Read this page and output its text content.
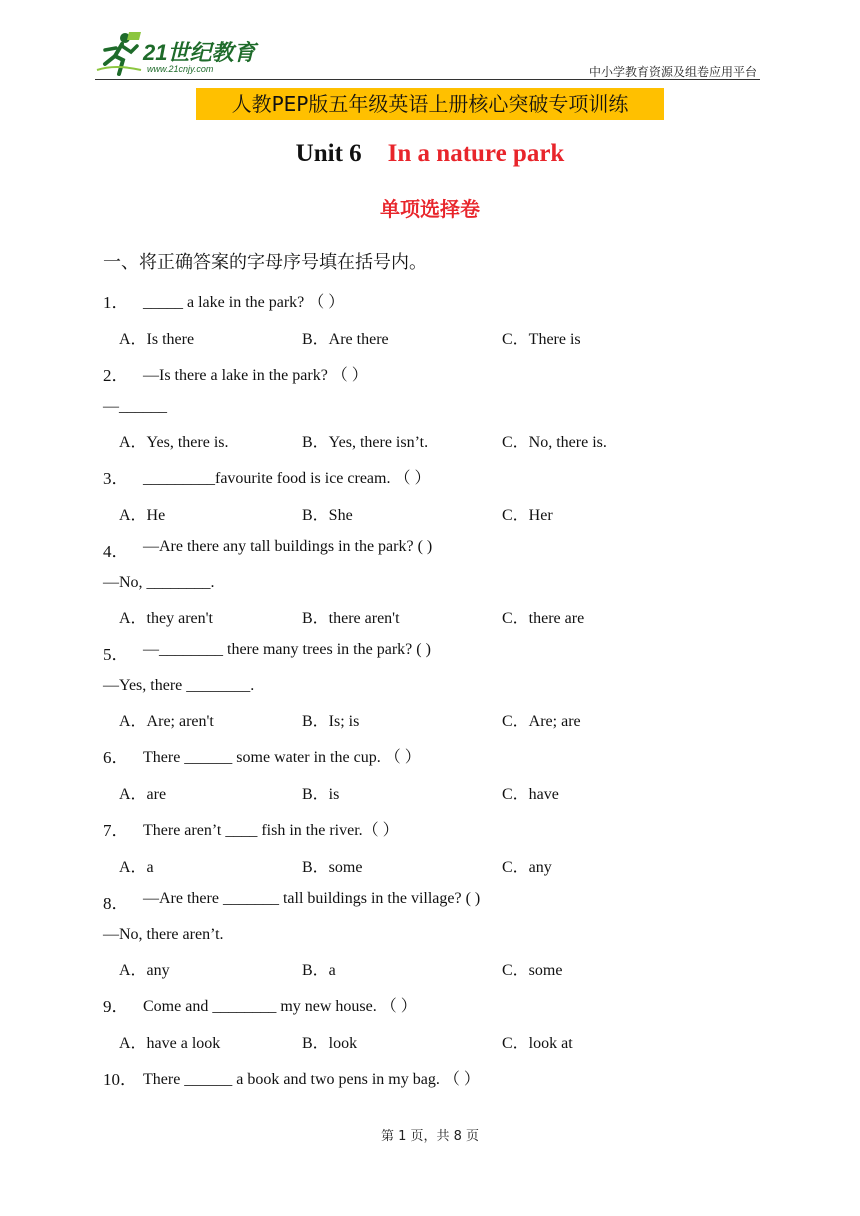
21世纪教育
www.21cnjy.com	中小学教育资源及组卷应用平台
人教PEP版五年级英语上册核心突破专项训练
Unit 6 In a nature park
单项选择卷
一、将正确答案的字母序号填在括号内。
1． _____ a lake in the park? （ ）
A．Is there	B．Are there	C．There is
2． —Is there a lake in the park? （ ）
—______
A．Yes, there is.	B．Yes, there isn’t.	C．No, there is.
3． _________favourite food is ice cream. （ ）
A．He	B．She	C．Her
4． —Are there any tall buildings in the park? ( )
—No, ________.
A．they aren't	B．there aren't	C．there are
5． —________ there many trees in the park? ( )
—Yes, there ________.
A．Are; aren't	B．Is; is	C．Are; are
6． There ______ some water in the cup. （ ）
A．are	B．is	C．have
7． There aren’t ____ fish in the river.（ ）
A．a	B．some	C．any
8． —Are there _______ tall buildings in the village? ( )
—No, there aren’t.
A．any	B．a	C．some
9． Come and ________ my new house. （ ）
A．have a look	B．look	C．look at
10． There ______ a book and two pens in my bag. （ ）
第 1 页，共 8 页
